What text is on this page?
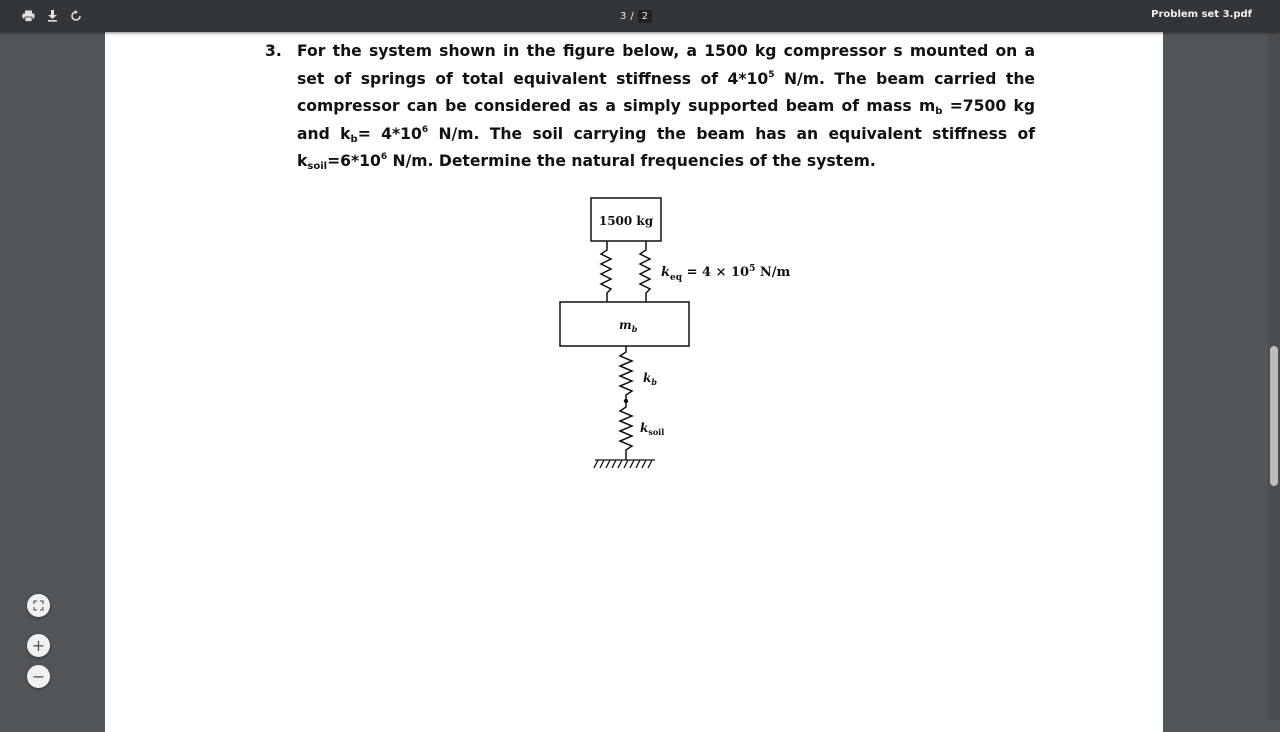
3 / 2	Problem set 3.pdf
3. For the system shown in the figure below, a 1500 kg compressor s mounted on a set of springs of total equivalent stiffness of $4*10^5$ N/m. The beam carried the compressor can be considered as a simply supported beam of mass $m_b =7500$ kg and $k_b= 4*10^6$ N/m. The soil carrying the beam has an equivalent stiffness of $k_{soil}=6*10^6$ N/m. Determine the natural frequencies of the system.
1500 kg
$k_{eq} = 4 \times 10^5$ N/m
$m_b$
$k_b$
$k_{soil}$
+
−
